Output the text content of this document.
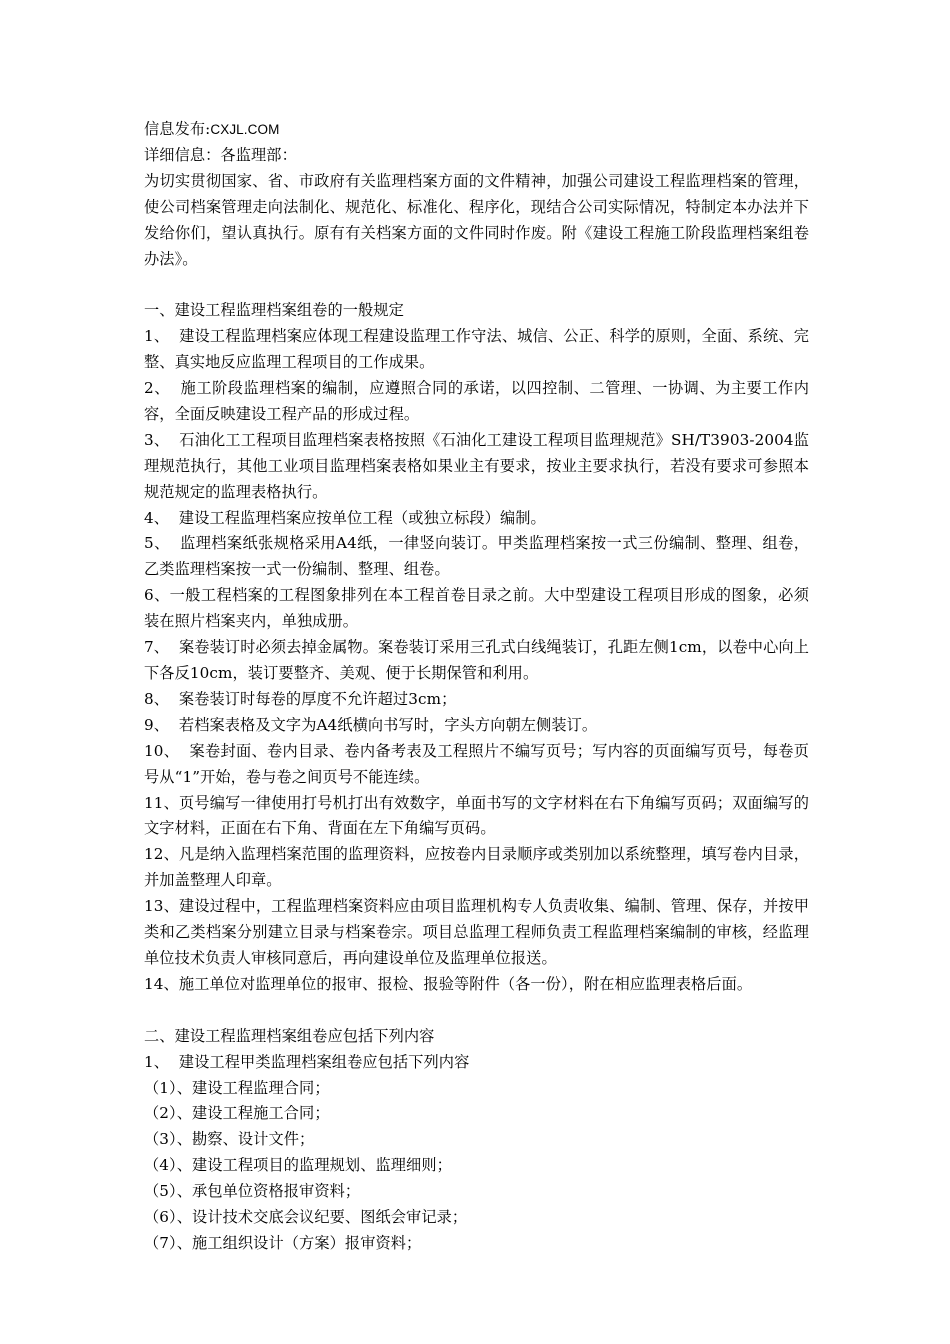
信息发布:CXJL.COM
详细信息：各监理部：
为切实贯彻国家、省、市政府有关监理档案方面的文件精神，加强公司建设工程监理档案的管理，使公司档案管理走向法制化、规范化、标准化、程序化，现结合公司实际情况，特制定本办法并下发给你们，望认真执行。原有有关档案方面的文件同时作废。附《建设工程施工阶段监理档案组卷办法》。
一、建设工程监理档案组卷的一般规定
1、  建设工程监理档案应体现工程建设监理工作守法、城信、公正、科学的原则，全面、系统、完整、真实地反应监理工程项目的工作成果。
2、  施工阶段监理档案的编制，应遵照合同的承诺，以四控制、二管理、一协调、为主要工作内容，全面反映建设工程产品的形成过程。
3、  石油化工工程项目监理档案表格按照《石油化工建设工程项目监理规范》SH/T3903-2004监理规范执行，其他工业项目监理档案表格如果业主有要求，按业主要求执行，若没有要求可参照本规范规定的监理表格执行。
4、  建设工程监理档案应按单位工程（或独立标段）编制。
5、  监理档案纸张规格采用A4纸，一律竖向装订。甲类监理档案按一式三份编制、整理、组卷，乙类监理档案按一式一份编制、整理、组卷。
6、一般工程档案的工程图象排列在本工程首卷目录之前。大中型建设工程项目形成的图象，必须装在照片档案夹内，单独成册。
7、  案卷装订时必须去掉金属物。案卷装订采用三孔式白线绳装订，孔距左侧1cm，以卷中心向上下各反10cm，装订要整齐、美观、便于长期保管和利用。
8、  案卷装订时每卷的厚度不允许超过3cm；
9、  若档案表格及文字为A4纸横向书写时，字头方向朝左侧装订。
10、  案卷封面、卷内目录、卷内备考表及工程照片不编写页号；写内容的页面编写页号，每卷页号从“1”开始，卷与卷之间页号不能连续。
11、页号编写一律使用打号机打出有效数字，单面书写的文字材料在右下角编写页码；双面编写的文字材料，正面在右下角、背面在左下角编写页码。
12、凡是纳入监理档案范围的监理资料，应按卷内目录顺序或类别加以系统整理，填写卷内目录，并加盖整理人印章。
13、建设过程中，工程监理档案资料应由项目监理机构专人负责收集、编制、管理、保存，并按甲类和乙类档案分别建立目录与档案卷宗。项目总监理工程师负责工程监理档案编制的审核，经监理单位技术负责人审核同意后，再向建设单位及监理单位报送。
14、施工单位对监理单位的报审、报检、报验等附件（各一份），附在相应监理表格后面。
二、建设工程监理档案组卷应包括下列内容
1、  建设工程甲类监理档案组卷应包括下列内容
（1）、建设工程监理合同；
（2）、建设工程施工合同；
（3）、勘察、设计文件；
（4）、建设工程项目的监理规划、监理细则；
（5）、承包单位资格报审资料；
（6）、设计技术交底会议纪要、图纸会审记录；
（7）、施工组织设计（方案）报审资料；
